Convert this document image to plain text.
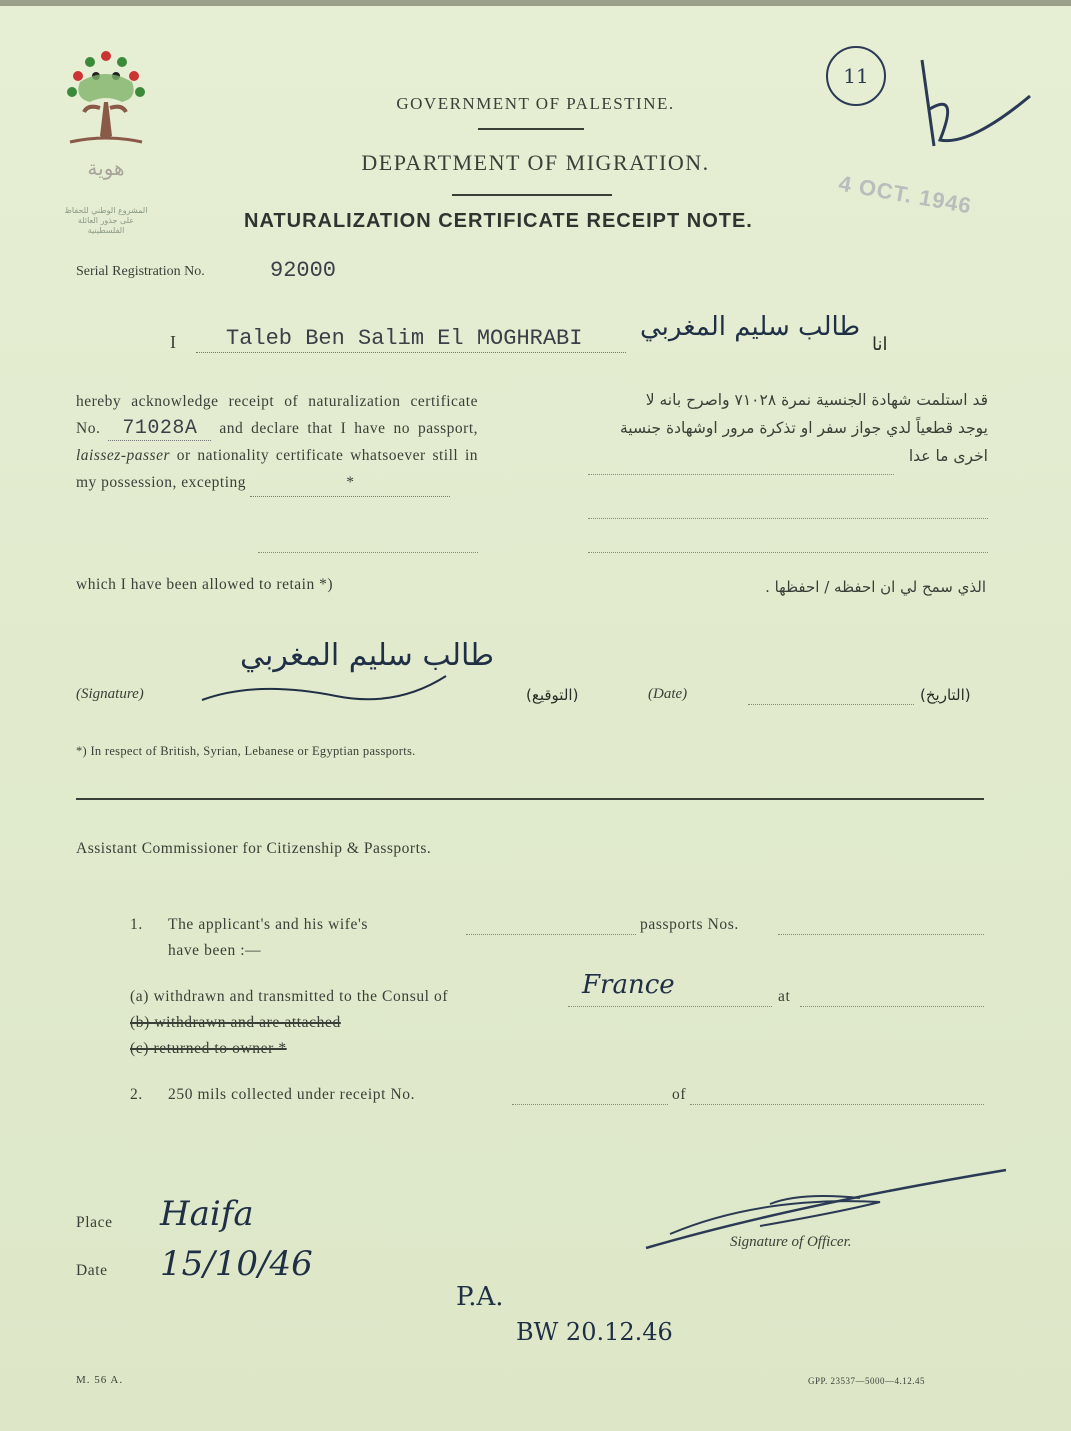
هوية
المشروع الوطني للحفاظ على جذور العائلة الفلسطينية
GOVERNMENT OF PALESTINE.
DEPARTMENT OF MIGRATION.
NATURALIZATION CERTIFICATE RECEIPT NOTE.
4 OCT. 1946
11
Serial Registration No.	92000
I Taleb Ben Salim El MOGHRABI طالب سليم المغربي
انا
hereby acknowledge receipt of naturalization certificate No. 71028A and declare that I have no passport, laissez-passer or nationality certificate whatsoever still in my possession, excepting	*
قد استلمت شهادة الجنسية نمرة ٧١٠٢٨ واصرح بانه لا
يوجد قطعياً لدي جواز سفر او تذكرة مرور اوشهادة جنسية
اخرى ما عدا
which I have been allowed to retain *)	الذي سمح لي ان احفظه / احفظها .
(Signature)
طالب سليم المغربي
(التوقيع)	(Date)	(التاريخ)
*) In respect of British, Syrian, Lebanese or Egyptian passports.
Assistant Commissioner for Citizenship & Passports.
1. The applicant's and his wife's	passports Nos.
have been :—
(a) withdrawn and transmitted to the Consul of	France	at
(b) withdrawn and are attached
(c) returned to owner *
2. 250 mils collected under receipt No.	of
Place Haifa
Date 15/10/46
Signature of Officer.
P.A.
BW 20.12.46
M. 56 A.	GPP. 23537—5000—4.12.45
